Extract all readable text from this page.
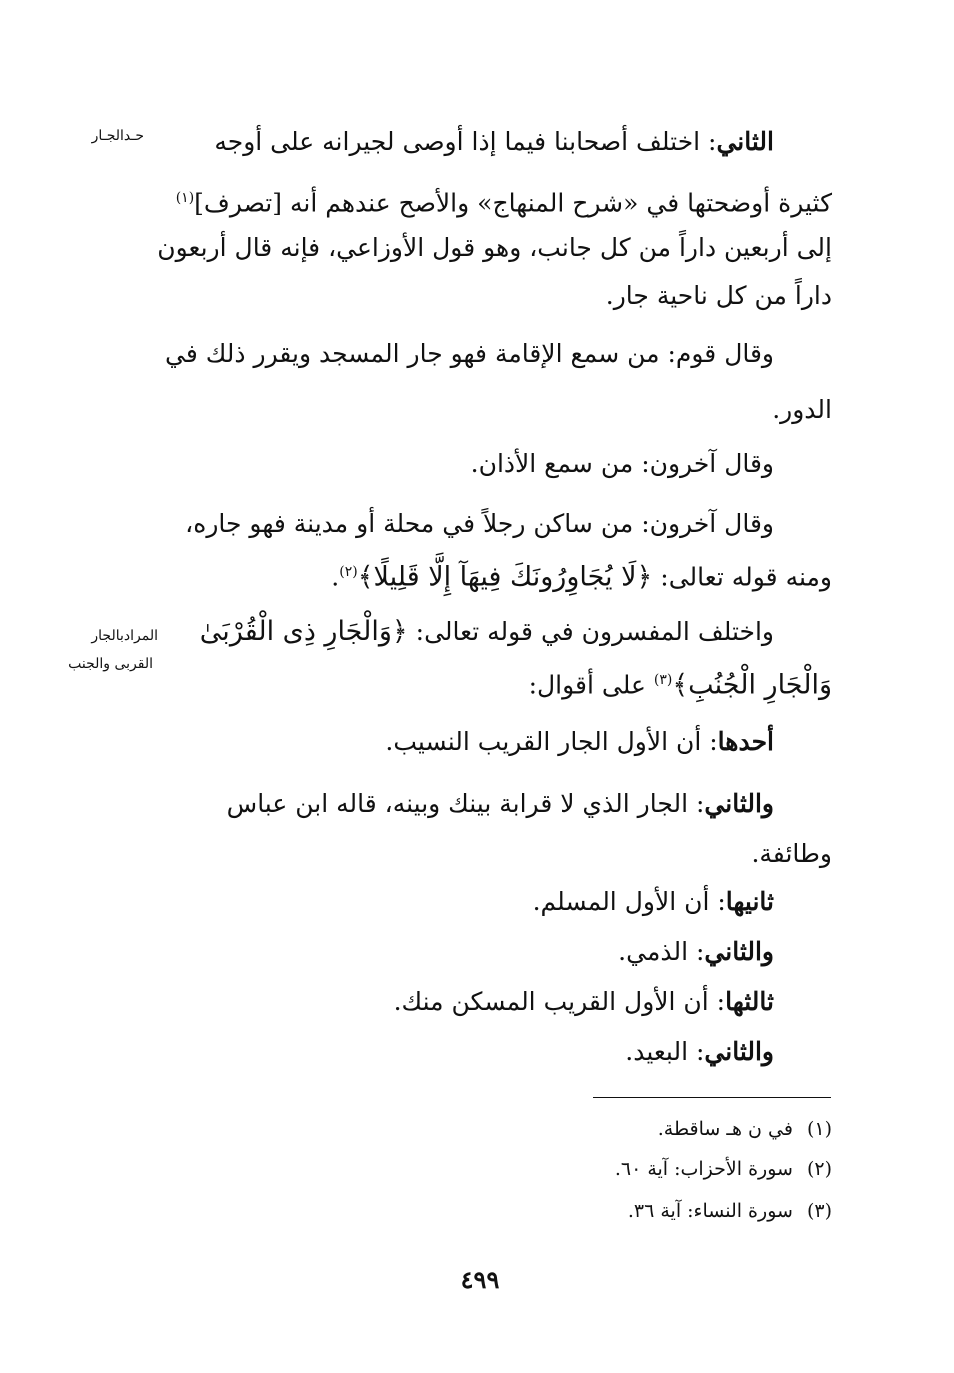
حـدالجـار
المرادبالجار
القربى والجنب
الثاني: اختلف أصحابنا فيما إذا أوصى لجيرانه على أوجه
كثيرة أوضحتها في «شرح المنهاج» والأصح عندهم أنه [تصرف]$^{(١)}$
إلى أربعين داراً من كل جانب، وهو قول الأوزاعي، فإنه قال أربعون
داراً من كل ناحية جار.
وقال قوم: من سمع الإقامة فهو جار المسجد ويقرر ذلك في
الدور.
وقال آخرون: من سمع الأذان.
وقال آخرون: من ساكن رجلاً في محلة أو مدينة فهو جاره،
ومنه قوله تعالى: ﴿لَا يُجَاوِرُونَكَ فِيهَآ إِلَّا قَلِيلًا﴾$^{(٢)}$.
واختلف المفسرون في قوله تعالى: ﴿وَالْجَارِ ذِى الْقُرْبَىٰ
وَالْجَارِ الْجُنُبِ﴾$^{(٣)}$ على أقوال:
أحدها: أن الأول الجار القريب النسيب.
والثاني: الجار الذي لا قرابة بينك وبينه، قاله ابن عباس
وطائفة.
ثانيها: أن الأول المسلم.
والثاني: الذمي.
ثالثها: أن الأول القريب المسكن منك.
والثاني: البعيد.
(١)في ن هـ ساقطة.
(٢)سورة الأحزاب: آية ٦٠.
(٣)سورة النساء: آية ٣٦.
٤٩٩
